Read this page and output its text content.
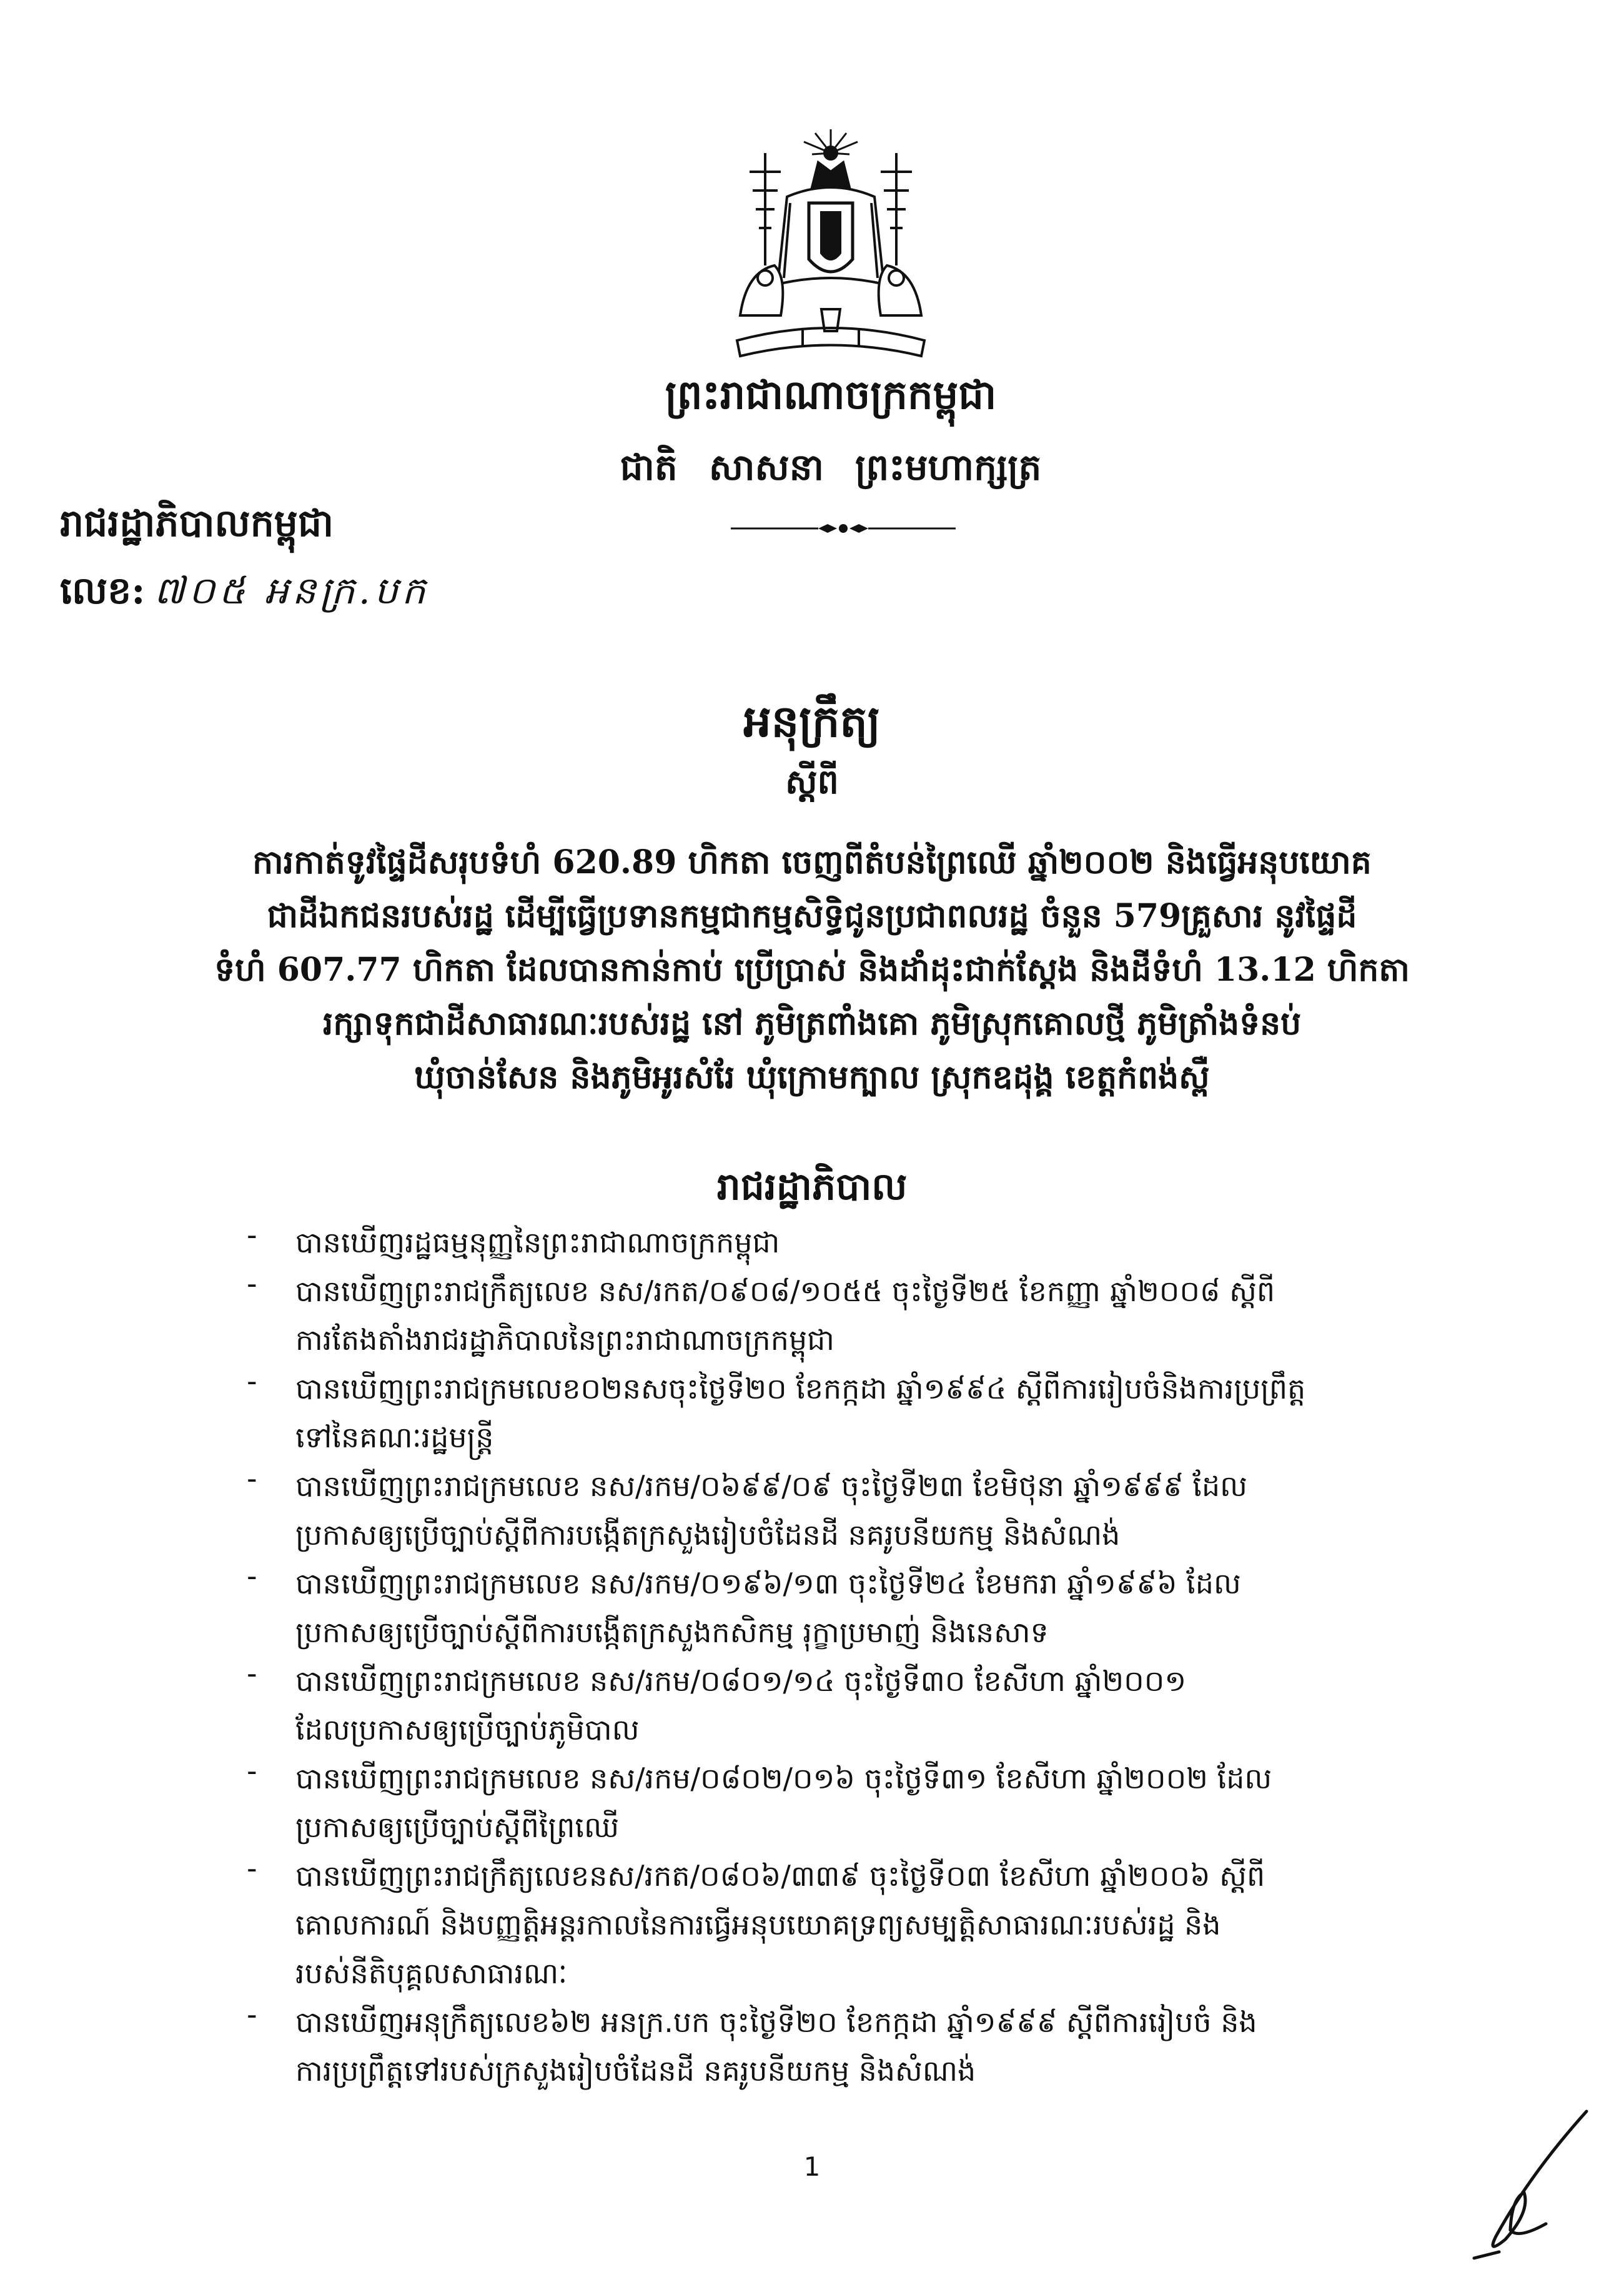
ព្រះរាជាណាចក្រកម្ពុជា
ជាតិ សាសនា ព្រះមហាក្សត្រ
រាជរដ្ឋាភិបាលកម្ពុជា
លេខ: ៧០៥ អនក្រ.បក
អនុក្រឹត្យ
ស្តីពី
ការកាត់ទូវផ្ទៃដីសរុបទំហំ 620.89 ហិកតា ចេញពីតំបន់ព្រៃឈើ ឆ្នាំ២០០២ និងធ្វើអនុបយោគ
ជាដីឯកជនរបស់រដ្ឋ ដើម្បីធ្វើប្រទានកម្មជាកម្មសិទ្ធិជូនប្រជាពលរដ្ឋ ចំនួន 579គ្រួសារ នូវផ្ទៃដី
ទំហំ 607.77 ហិកតា ដែលបានកាន់កាប់ ប្រើប្រាស់ និងដាំដុះជាក់ស្តែង និងដីទំហំ 13.12 ហិកតា
រក្សាទុកជាដីសាធារណៈរបស់រដ្ឋ នៅ ភូមិត្រពាំងគោ ភូមិស្រុកគោលថ្មី ភូមិត្រាំងទំនប់
ឃុំចាន់សែន និងភូមិអូរសំរែ ឃុំក្រោមក្បាល ស្រុកឧដុង្គ ខេត្តកំពង់ស្ពឺ
រាជរដ្ឋាភិបាល
- បានឃើញរដ្ឋធម្មនុញ្ញនៃព្រះរាជាណាចក្រកម្ពុជា
- បានឃើញព្រះរាជក្រឹត្យលេខ នស/រកត/០៩០៨/១០៥៥ ចុះថ្ងៃទី២៥ ខែកញ្ញា ឆ្នាំ២០០៨ ស្តីពី
ការតែងតាំងរាជរដ្ឋាភិបាលនៃព្រះរាជាណាចក្រកម្ពុជា
- បានឃើញព្រះរាជក្រមលេខ០២នសចុះថ្ងៃទី២០ ខែកក្កដា ឆ្នាំ១៩៩៤ ស្តីពីការរៀបចំនិងការប្រព្រឹត្ត
ទៅនៃគណៈរដ្ឋមន្ត្រី
- បានឃើញព្រះរាជក្រមលេខ នស/រកម/០៦៩៩/០៩ ចុះថ្ងៃទី២៣ ខែមិថុនា ឆ្នាំ១៩៩៩ ដែល
ប្រកាសឲ្យប្រើច្បាប់ស្តីពីការបង្កើតក្រសួងរៀបចំដែនដី នគរូបនីយកម្ម និងសំណង់
- បានឃើញព្រះរាជក្រមលេខ នស/រកម/០១៩៦/១៣ ចុះថ្ងៃទី២៤ ខែមករា ឆ្នាំ១៩៩៦ ដែល
ប្រកាសឲ្យប្រើច្បាប់ស្តីពីការបង្កើតក្រសួងកសិកម្ម រុក្ខាប្រមាញ់ និងនេសាទ
- បានឃើញព្រះរាជក្រមលេខ នស/រកម/០៨០១/១៤ ចុះថ្ងៃទី៣០ ខែសីហា ឆ្នាំ២០០១
ដែលប្រកាសឲ្យប្រើច្បាប់ភូមិបាល
- បានឃើញព្រះរាជក្រមលេខ នស/រកម/០៨០២/០១៦ ចុះថ្ងៃទី៣១ ខែសីហា ឆ្នាំ២០០២ ដែល
ប្រកាសឲ្យប្រើច្បាប់ស្តីពីព្រៃឈើ
- បានឃើញព្រះរាជក្រឹត្យលេខនស/រកត/០៨០៦/៣៣៩ ចុះថ្ងៃទី០៣ ខែសីហា ឆ្នាំ២០០៦ ស្តីពី
គោលការណ៍ និងបញ្ញត្តិអន្តរកាលនៃការធ្វើអនុបយោគទ្រព្យសម្បត្តិសាធារណៈរបស់រដ្ឋ និង
របស់នីតិបុគ្គលសាធារណៈ
- បានឃើញអនុក្រឹត្យលេខ៦២ អនក្រ.បក ចុះថ្ងៃទី២០ ខែកក្កដា ឆ្នាំ១៩៩៩ ស្តីពីការរៀបចំ និង
ការប្រព្រឹត្តទៅរបស់ក្រសួងរៀបចំដែនដី នគរូបនីយកម្ម និងសំណង់
1
